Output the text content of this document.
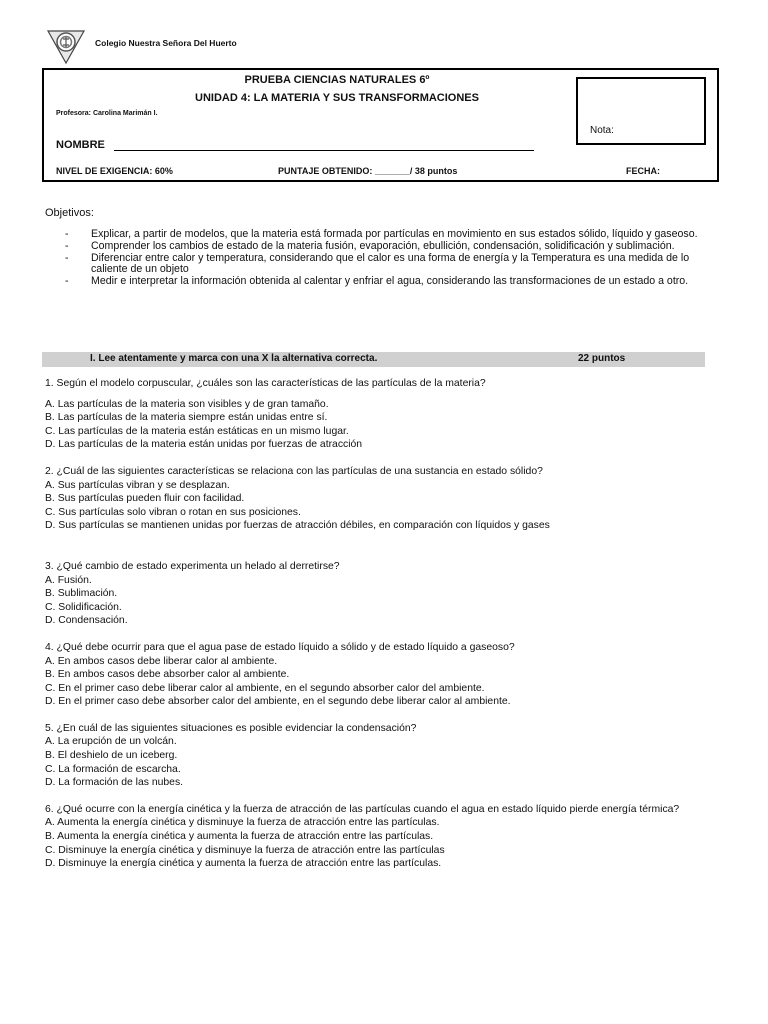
Colegio Nuestra Señora Del Huerto
PRUEBA CIENCIAS NATURALES 6º
UNIDAD 4: LA MATERIA Y SUS TRANSFORMACIONES
Profesora: Carolina Marimán I.
NOMBRE
NIVEL DE EXIGENCIA: 60%	PUNTAJE OBTENIDO: _______/ 38 puntos	FECHA:
Nota:
Objetivos:
-	Explicar, a partir de modelos, que la materia está formada por partículas en movimiento en sus estados sólido, líquido y gaseoso.
-	Comprender los cambios de estado de la materia fusión, evaporación, ebullición, condensación, solidificación y sublimación.
-	Diferenciar entre calor y temperatura, considerando que el calor es una forma de energía y la Temperatura es una medida de lo caliente de un objeto
-	Medir e interpretar la información obtenida al calentar y enfriar el agua, considerando las transformaciones de un estado a otro.
I. Lee atentamente y marca con una X la alternativa correcta.	22 puntos
1. Según el modelo corpuscular, ¿cuáles son las características de las partículas de la materia?
A. Las partículas de la materia son visibles y de gran tamaño.
B. Las partículas de la materia siempre están unidas entre sí.
C. Las partículas de la materia están estáticas en un mismo lugar.
D. Las partículas de la materia están unidas por fuerzas de atracción
2. ¿Cuál de las siguientes características se relaciona con las partículas de una sustancia en estado sólido?
A. Sus partículas vibran y se desplazan.
B. Sus partículas pueden fluir con facilidad.
C. Sus partículas solo vibran o rotan en sus posiciones.
D. Sus partículas se mantienen unidas por fuerzas de atracción débiles, en comparación con líquidos y gases
3. ¿Qué cambio de estado experimenta un helado al derretirse?
A. Fusión.
B. Sublimación.
C. Solidificación.
D. Condensación.
4. ¿Qué debe ocurrir para que el agua pase de estado líquido a sólido y de estado líquido a gaseoso?
A. En ambos casos debe liberar calor al ambiente.
B. En ambos casos debe absorber calor al ambiente.
C. En el primer caso debe liberar calor al ambiente, en el segundo absorber calor del ambiente.
D. En el primer caso debe absorber calor del ambiente, en el segundo debe liberar calor al ambiente.
5. ¿En cuál de las siguientes situaciones es posible evidenciar la condensación?
A. La erupción de un volcán.
B. El deshielo de un iceberg.
C. La formación de escarcha.
D. La formación de las nubes.
6. ¿Qué ocurre con la energía cinética y la fuerza de atracción de las partículas cuando el agua en estado líquido pierde energía térmica?
A. Aumenta la energía cinética y disminuye la fuerza de atracción entre las partículas.
B. Aumenta la energía cinética y aumenta la fuerza de atracción entre las partículas.
C. Disminuye la energía cinética y disminuye la fuerza de atracción entre las partículas
D. Disminuye la energía cinética y aumenta la fuerza de atracción entre las partículas.
